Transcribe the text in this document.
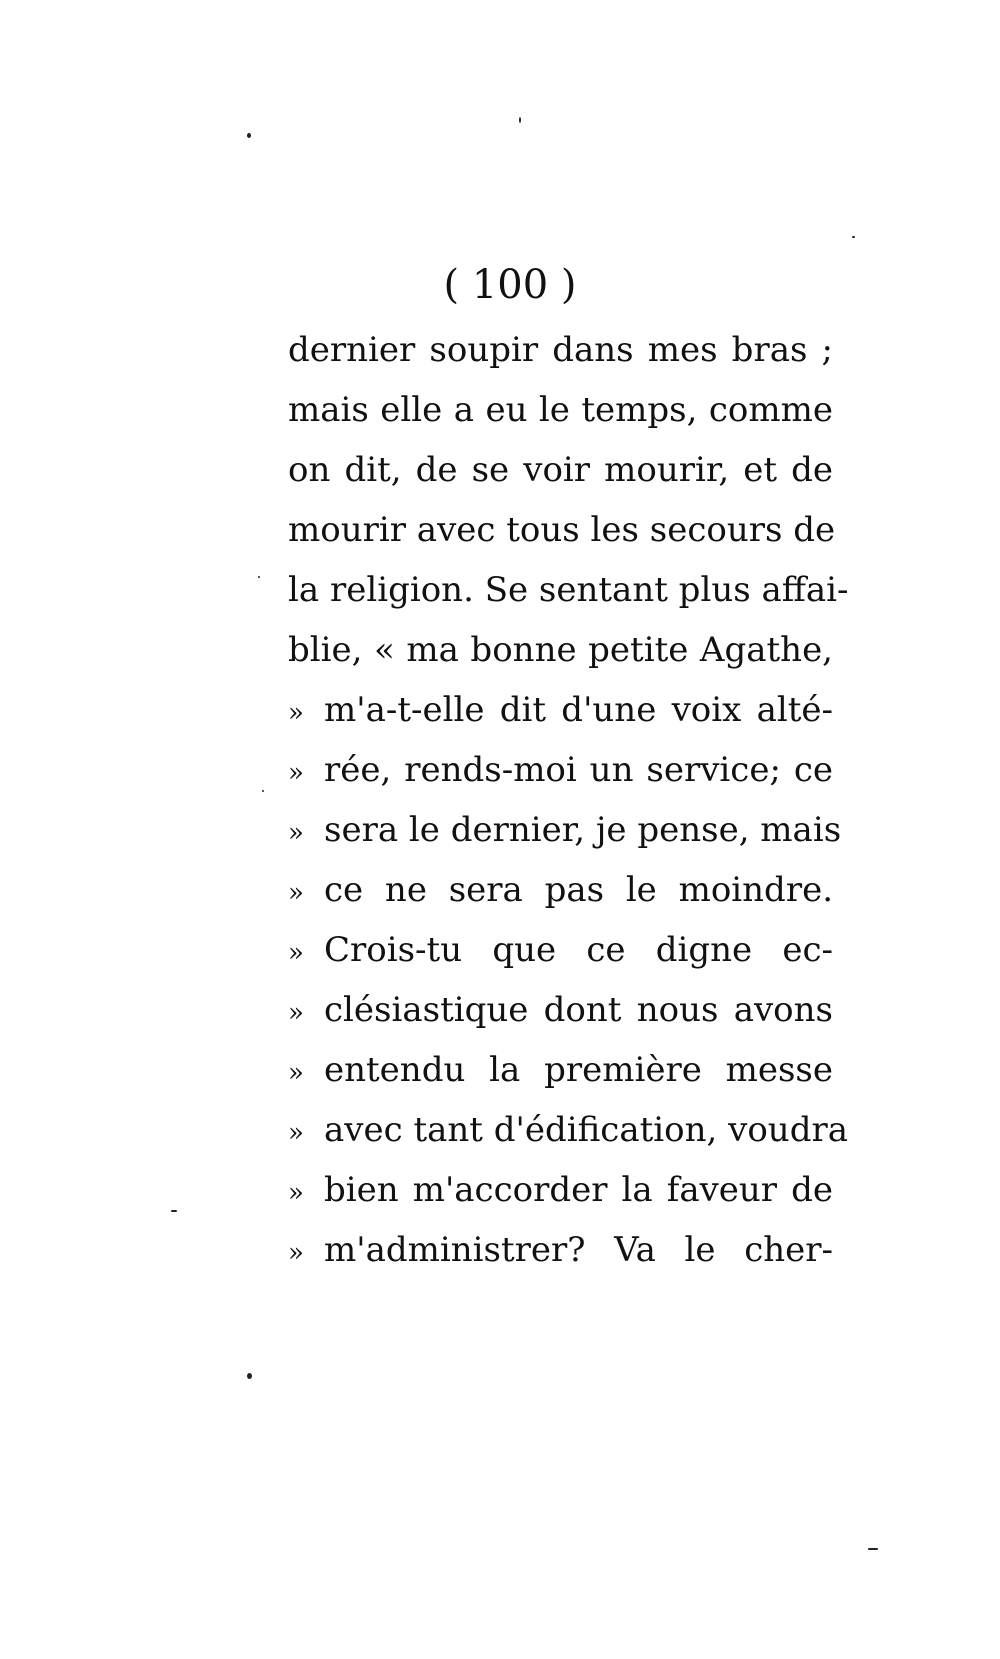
( 100 )
dernier soupir dans mes bras ;
mais elle a eu le temps, comme
on dit, de se voir mourir, et de
mourir avec tous les secours de
la religion. Se sentant plus affai-
blie, « ma bonne petite Agathe,
» m'a-t-elle dit d'une voix alté-
» rée, rends-moi un service; ce
» sera le dernier, je pense, mais
» ce ne sera pas le moindre.
» Crois-tu que ce digne ec-
» clésiastique dont nous avons
» entendu la première messe
» avec tant d'édification, voudra
» bien m'accorder la faveur de
» m'administrer? Va le cher-
